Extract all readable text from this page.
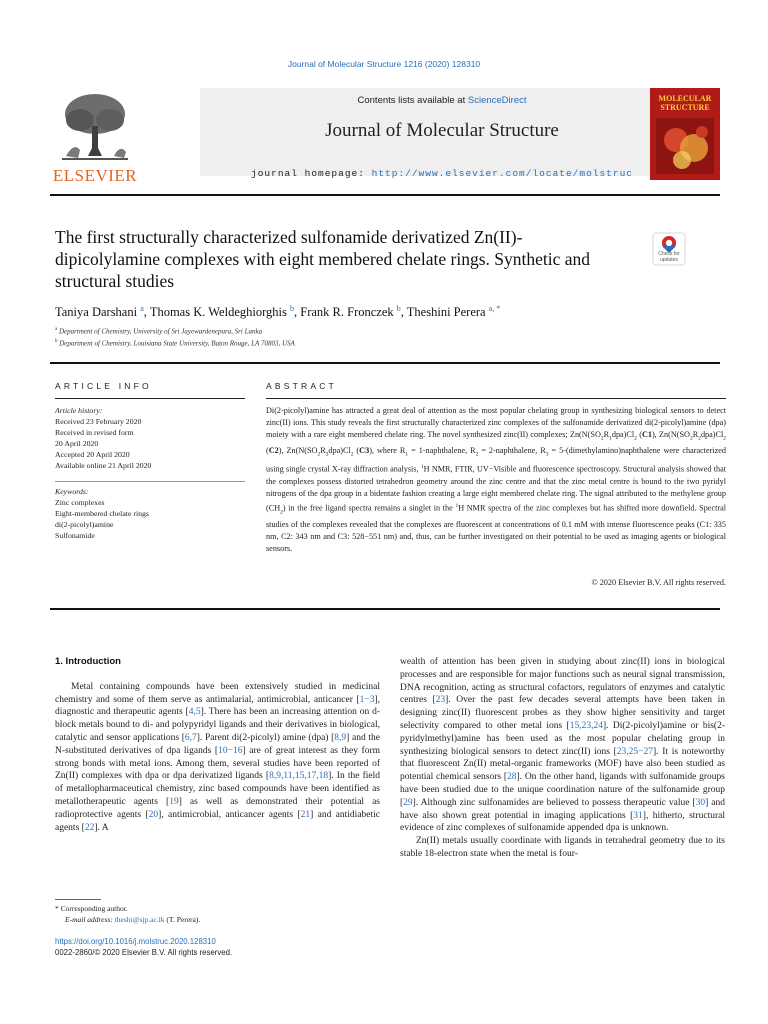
Journal of Molecular Structure 1216 (2020) 128310
ELSEVIER
Contents lists available at ScienceDirect
Journal of Molecular Structure
journal homepage: http://www.elsevier.com/locate/molstruc
MOLECULAR
STRUCTURE
The first structurally characterized sulfonamide derivatized Zn(II)-dipicolylamine complexes with eight membered chelate rings. Synthetic and structural studies
Check for
updates
Taniya Darshani $^a$, Thomas K. Weldeghiorghis $^b$, Frank R. Fronczek $^b$, Theshini Perera $^{a, *}$
$^a$ Department of Chemistry, University of Sri Jayewardenepura, Sri Lanka
$^b$ Department of Chemistry, Louisiana State University, Baton Rouge, LA 70803, USA
ARTICLE INFO	ABSTRACT
Article history:
Received 23 February 2020
Received in revised form
20 April 2020
Accepted 20 April 2020
Available online 21 April 2020
Keywords:
Zinc complexes
Eight-membered chelate rings
di(2-picolyl)amine
Sulfonamide
Di(2-picolyl)amine has attracted a great deal of attention as the most popular chelating group in synthesizing biological sensors to detect zinc(II) ions. This study reveals the first structurally characterized zinc complexes of the sulfonamide derivatized di(2-picolyl)amine (dpa) moiety with a rare eight membered chelate ring. The novel synthesized zinc(II) complexes; $Zn(N(SO_2R_1dpa)Cl_2$ (C1), $Zn(N(SO_2R_2dpa)Cl_2$ (C2), $Zn(N(SO_2R_3dpa)Cl_2$ (C3), where $R_1$ = 1-naphthalene, $R_2$ = 2-naphthalene, $R_3$ = 5-(dimethylamino)naphthalene were characterized using single crystal X-ray diffraction analysis, $^1$H NMR, FTIR, UV−Visible and fluorescence spectroscopy. Structural analysis showed that the complexes possess distorted tetrahedron geometry around the zinc centre and that the zinc metal centre is bound to the two pyridyl nitrogens of the dpa group in a bidentate fashion creating a large eight membered chelate ring. The signal attributed to the methylene group $(CH_2)$ in the free ligand spectra remains a singlet in the $^1$H NMR spectra of the zinc complexes but has shifted more downfield. Spectral studies of the complexes revealed that the complexes are fluorescent at concentrations of 0.1 mM with intense fluorescence peaks (C1: 335 nm, C2: 343 nm and C3: 528−551 nm) and, thus, can be further investigated on their potential to be used as imaging agents or biological sensors.
© 2020 Elsevier B.V. All rights reserved.
1. Introduction

Metal containing compounds have been extensively studied in medicinal chemistry and some of them serve as antimalarial, antimicrobial, anticancer [1−3], diagnostic and therapeutic agents [4,5]. There has been an increasing attention on d-block metals bound to di- and polypyridyl ligands and their derivatives in biological, catalytic and sensor applications [6,7]. Parent di(2-picolyl) amine (dpa) [8,9] and the N-substituted derivatives of dpa ligands [10−16] are of great interest as they form strong bonds with metal ions. Among them, several studies have been reported of Zn(II) complexes with dpa or dpa derivatized ligands [8,9,11,15,17,18]. In the field of metallopharmaceutical chemistry, zinc based compounds have been identified as metallotherapeutic agents [19] as well as demonstrated their potential as radioprotective agents [20], antimicrobial, anticancer agents [21] and antidiabetic agents [22]. A

* Corresponding author.
E-mail address: theshi@sjp.ac.lk (T. Perera).
https://doi.org/10.1016/j.molstruc.2020.128310
0022-2860/© 2020 Elsevier B.V. All rights reserved.

wealth of attention has been given in studying about zinc(II) ions in biological processes and are responsible for major functions such as neural signal transmission, DNA recognition, acting as structural cofactors, regulators of enzymes and catalytic centres [23]. Over the past few decades several attempts have been taken in designing zinc(II) fluorescent probes as they show higher sensitivity and target selectivity compared to other metal ions [15,23,24]. Di(2-picolyl)amine or bis(2-pyridylmethyl)amine has been used as the most popular chelating group in synthesizing biological sensors to detect zinc(II) ions [23,25−27]. It is noteworthy that fluorescent Zn(II) metal-organic frameworks (MOF) have also been studied as potential chemical sensors [28]. On the other hand, ligands with sulfonamide groups have been studied due to the unique coordination nature of the sulfonamide group [29]. Although zinc sulfonamides are believed to possess therapeutic value [30] and have also shown great potential in imaging applications [31], hitherto, structural evidence of zinc complexes of sulfonamide appended dpa is unknown.

Zn(II) metals usually coordinate with ligands in tetrahedral geometry due to its stable 18-electron state when the metal is four-
